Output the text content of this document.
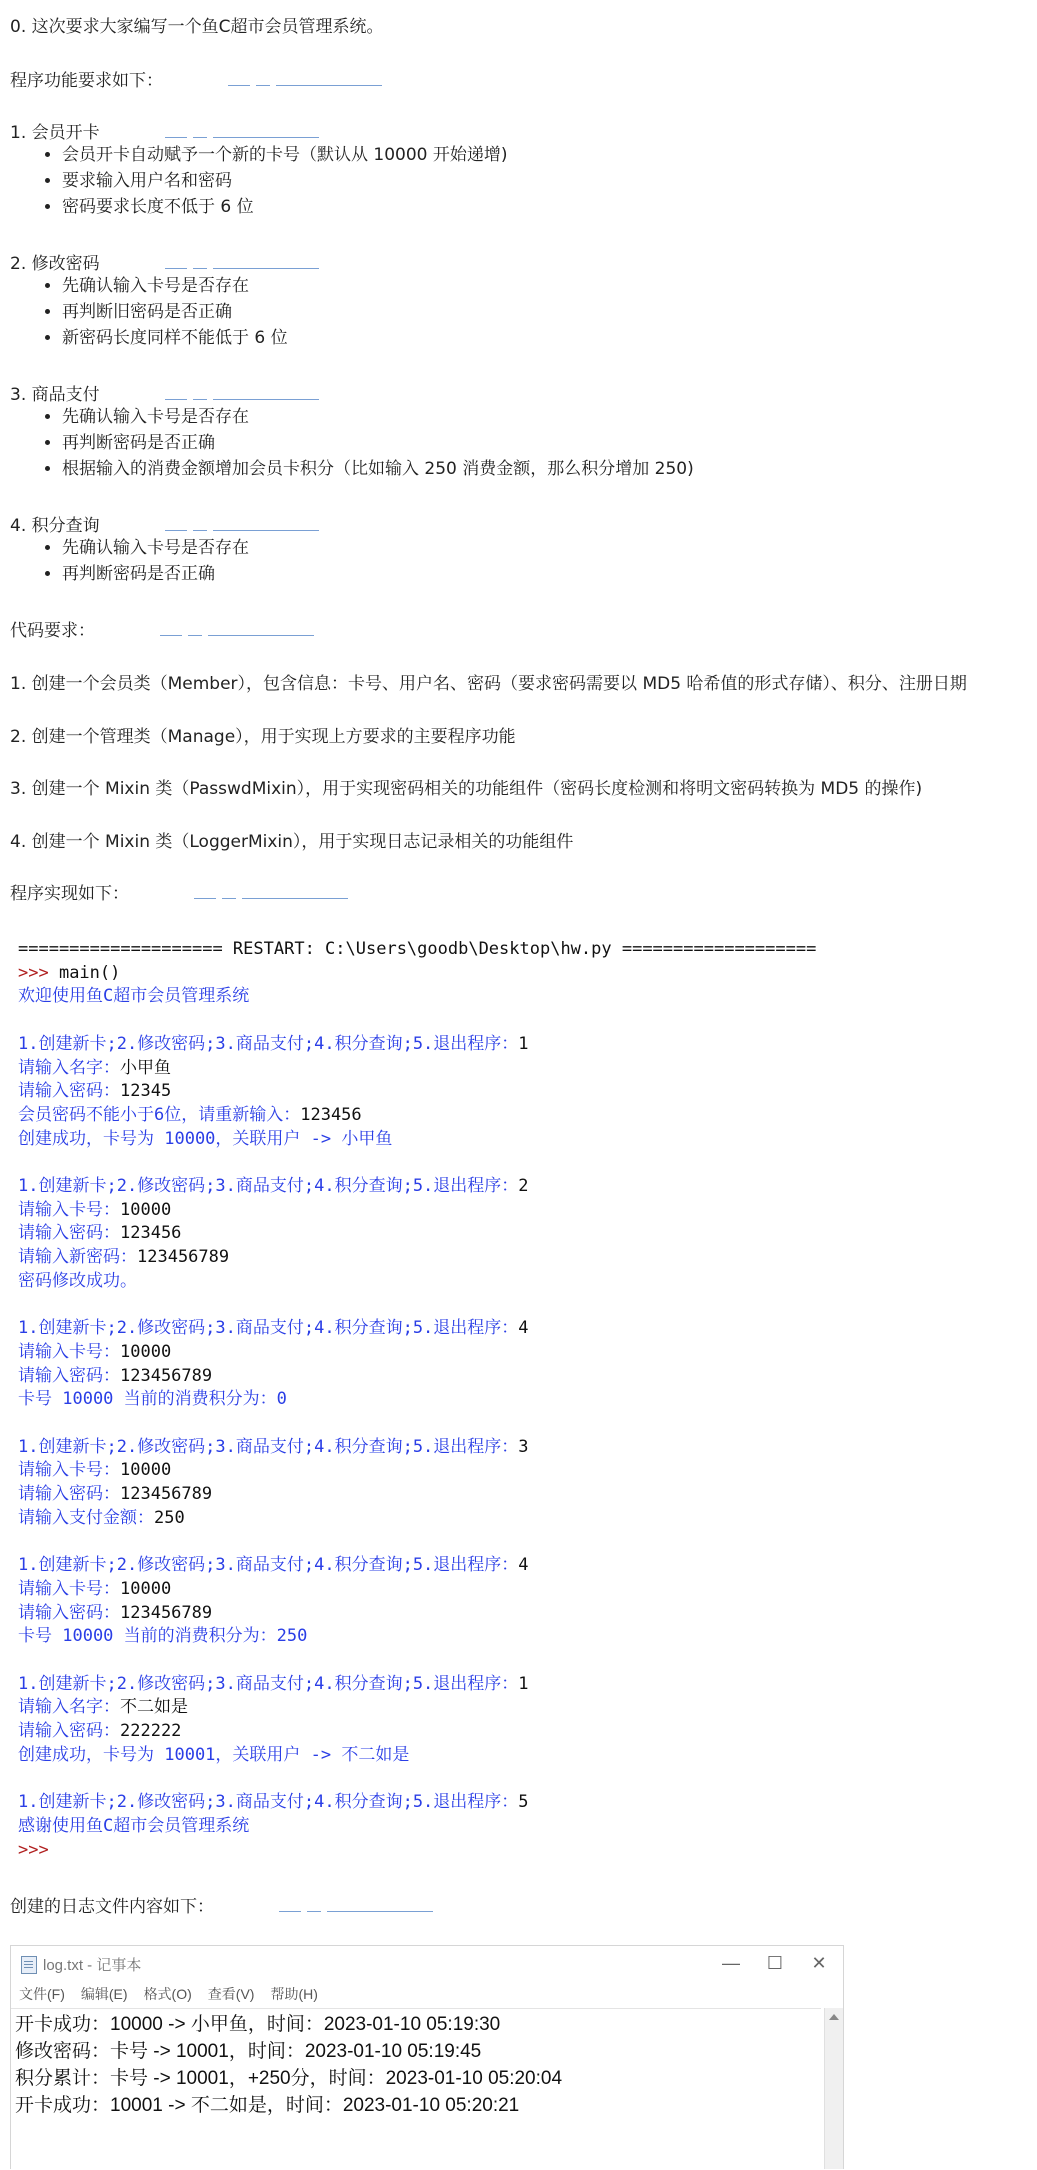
0. 这次要求大家编写一个鱼C超市会员管理系统。
程序功能要求如下：
1. 会员开卡
• 会员开卡自动赋予一个新的卡号（默认从 10000 开始递增)
• 要求输入用户名和密码
• 密码要求长度不低于 6 位
2. 修改密码
• 先确认输入卡号是否存在
• 再判断旧密码是否正确
• 新密码长度同样不能低于 6 位
3. 商品支付
• 先确认输入卡号是否存在
• 再判断密码是否正确
• 根据输入的消费金额增加会员卡积分（比如输入 250 消费金额，那么积分增加 250)
4. 积分查询
• 先确认输入卡号是否存在
• 再判断密码是否正确
代码要求：
1. 创建一个会员类（Member），包含信息：卡号、用户名、密码（要求密码需要以 MD5 哈希值的形式存储）、积分、注册日期
2. 创建一个管理类（Manage），用于实现上方要求的主要程序功能
3. 创建一个 Mixin 类（PasswdMixin），用于实现密码相关的功能组件（密码长度检测和将明文密码转换为 MD5 的操作)
4. 创建一个 Mixin 类（LoggerMixin），用于实现日志记录相关的功能组件
程序实现如下：
==================== RESTART: C:\Users\goodb\Desktop\hw.py ===================
>>> main()
欢迎使用鱼C超市会员管理系统
1.创建新卡;2.修改密码;3.商品支付;4.积分查询;5.退出程序：1
请输入名字：小甲鱼
请输入密码：12345
会员密码不能小于6位，请重新输入：123456
创建成功，卡号为 10000，关联用户 -> 小甲鱼
1.创建新卡;2.修改密码;3.商品支付;4.积分查询;5.退出程序：2
请输入卡号：10000
请输入密码：123456
请输入新密码：123456789
密码修改成功。
1.创建新卡;2.修改密码;3.商品支付;4.积分查询;5.退出程序：4
请输入卡号：10000
请输入密码：123456789
卡号 10000 当前的消费积分为：0
1.创建新卡;2.修改密码;3.商品支付;4.积分查询;5.退出程序：3
请输入卡号：10000
请输入密码：123456789
请输入支付金额：250
1.创建新卡;2.修改密码;3.商品支付;4.积分查询;5.退出程序：4
请输入卡号：10000
请输入密码：123456789
卡号 10000 当前的消费积分为：250
1.创建新卡;2.修改密码;3.商品支付;4.积分查询;5.退出程序：1
请输入名字：不二如是
请输入密码：222222
创建成功，卡号为 10001，关联用户 -> 不二如是
1.创建新卡;2.修改密码;3.商品支付;4.积分查询;5.退出程序：5
感谢使用鱼C超市会员管理系统
>>>
创建的日志文件内容如下：
log.txt - 记事本	—	☐	✕
文件(F) 编辑(E) 格式(O) 查看(V) 帮助(H)
开卡成功：10000 -> 小甲鱼，时间：2023-01-10 05:19:30
修改密码：卡号 -> 10001，时间：2023-01-10 05:19:45
积分累计：卡号 -> 10001，+250分，时间：2023-01-10 05:20:04
开卡成功：10001 -> 不二如是，时间：2023-01-10 05:20:21
